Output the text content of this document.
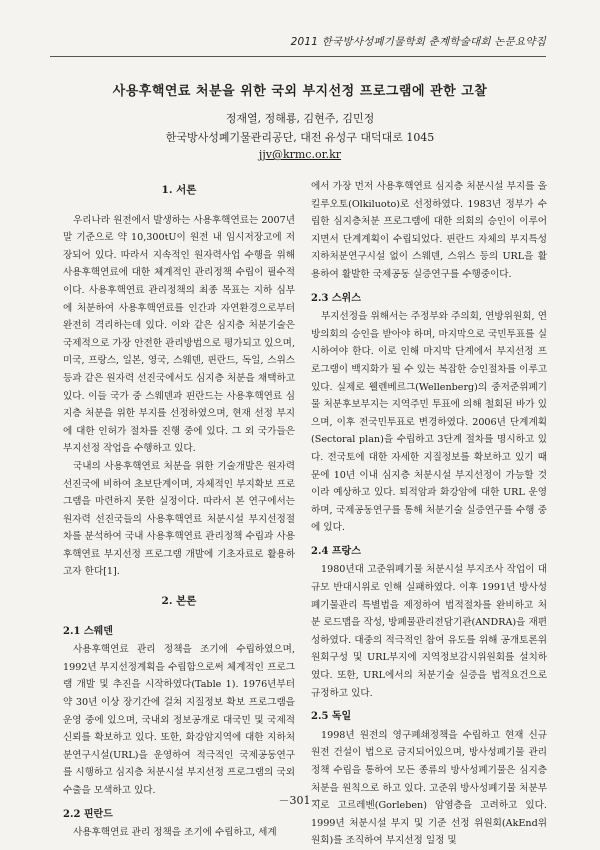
2011 한국방사성폐기물학회 춘계학술대회 논문요약집
사용후핵연료 처분을 위한 국외 부지선정 프로그램에 관한 고찰
정재열, 정해룡, 김현주, 김민정
한국방사성폐기물관리공단, 대전 유성구 대덕대로 1045
jjv@krmc.or.kr
1. 서론

우리나라 원전에서 발생하는 사용후핵연료는 2007년 말 기준으로 약 10,300tU이 원전 내 임시저장고에 저장되어 있다. 따라서 지속적인 원자력사업 수행을 위해 사용후핵연료에 대한 체계적인 관리정책 수립이 필수적이다. 사용후핵연료 관리정책의 최종 목표는 지하 심부에 처분하여 사용후핵연료를 인간과 자연환경으로부터 완전히 격리하는데 있다. 이와 같은 심지층 처분기술은 국제적으로 가장 안전한 관리방법으로 평가되고 있으며, 미국, 프랑스, 일본, 영국, 스웨덴, 핀란드, 독일, 스위스 등과 같은 원자력 선진국에서도 심지층 처분을 채택하고 있다. 이들 국가 중 스웨덴과 핀란드는 사용후핵연료 심지층 처분을 위한 부지를 선정하였으며, 현재 선정 부지에 대한 인허가 절차를 진행 중에 있다. 그 외 국가들은 부지선정 작업을 수행하고 있다.

국내의 사용후핵연료 처분을 위한 기술개발은 원자력 선진국에 비하여 초보단계이며, 자체적인 부지확보 프로그램을 마련하지 못한 실정이다. 따라서 본 연구에서는 원자력 선진국들의 사용후핵연료 처분시설 부지선정절차를 분석하여 국내 사용후핵연료 관리정책 수립과 사용후핵연료 부지선정 프로그램 개발에 기초자료로 활용하고자 한다[1].

2. 본론
2.1 스웨덴

사용후핵연료 관리 정책을 조기에 수립하였으며, 1992년 부지선정계획을 수립함으로써 체계적인 프로그램 개발 및 추진을 시작하였다(Table 1). 1976년부터 약 30년 이상 장기간에 걸쳐 지질정보 확보 프로그램을 운영 중에 있으며, 국내외 정보공개로 대국민 및 국제적 신뢰를 확보하고 있다. 또한, 화강암지역에 대한 지하처분연구시설(URL)을 운영하여 적극적인 국제공동연구를 시행하고 심지층 처분시설 부지선정 프로그램의 국외 수출을 모색하고 있다.

2.2 핀란드

사용후핵연료 관리 정책을 조기에 수립하고, 세계

에서 가장 먼저 사용후핵연료 심지층 처분시설 부지를 올킬루오토(Olkiluoto)로 선정하였다. 1983년 정부가 수립한 심지층처분 프로그램에 대한 의회의 승인이 이루어지면서 단계계획이 수립되었다. 핀란드 자체의 부지특성 지하처분연구시설 없이 스웨덴, 스위스 등의 URL을 활용하여 활발한 국제공동 실증연구를 수행중이다.

2.3 스위스

부지선정을 위해서는 주정부와 주의회, 연방위원회, 연방의회의 승인을 받아야 하며, 마지막으로 국민투표를 실시하여야 한다. 이로 인해 마지막 단계에서 부지선정 프로그램이 백지화가 될 수 있는 복잡한 승인절차를 이루고 있다. 실제로 웰렌베르그(Wellenberg)의 중저준위폐기물 처분후보부지는 지역주민 투표에 의해 철회된 바가 있으며, 이후 전국민투표로 변경하였다. 2006년 단계계획(Sectoral plan)을 수립하고 3단계 절차를 명시하고 있다. 전국토에 대한 자세한 지질정보를 확보하고 있기 때문에 10년 이내 심지층 처분시설 부지선정이 가능할 것이라 예상하고 있다. 퇴적암과 화강암에 대한 URL 운영하며, 국제공동연구를 통해 처분기술 실증연구를 수행 중에 있다.

2.4 프랑스

1980년대 고준위폐기물 처분시설 부지조사 작업이 대규모 반대시위로 인해 실패하였다. 이후 1991년 방사성폐기물관리 특별법을 제정하여 법적절차를 완비하고 처분 로드맵을 작성, 방폐물관리전담기관(ANDRA)을 재편성하였다. 대중의 적극적인 참여 유도를 위해 공개토론위원회구성 및 URL부지에 지역정보감시위원회를 설치하였다. 또한, URL에서의 처분기술 실증을 법적요건으로 규정하고 있다.

2.5 독일

1998년 원전의 영구폐쇄정책을 수립하고 현재 신규 원전 건설이 법으로 금지되어있으며, 방사성폐기물 관리정책 수립을 통하여 모든 종류의 방사성폐기물은 심지층 처분을 원칙으로 하고 있다. 고준위 방사성폐기물 처분부지로 고르레벤(Gorleben) 암염층을 고려하고 있다. 1999년 처분시설 부지 및 기준 선정 위원회(AkEnd위원회)를 조직하여 부지선정 일정 및

－301－
